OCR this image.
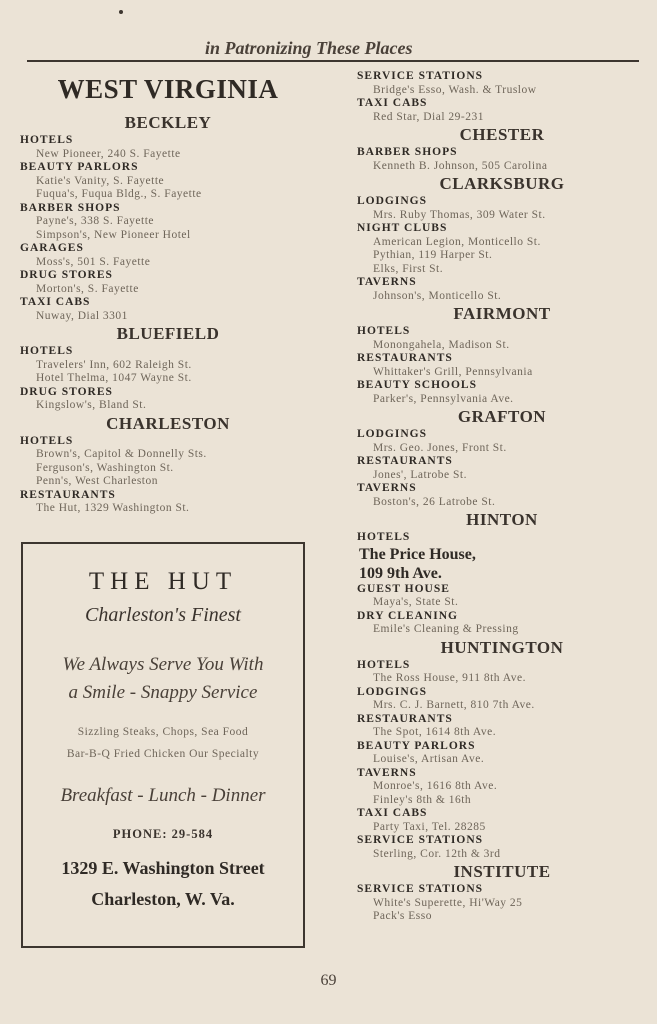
in Patronizing These Places
WEST VIRGINIA
BECKLEY
HOTELS
New Pioneer, 240 S. Fayette
BEAUTY PARLORS
Katie's Vanity, S. Fayette
Fuqua's, Fuqua Bldg., S. Fayette
BARBER SHOPS
Payne's, 338 S. Fayette
Simpson's, New Pioneer Hotel
GARAGES
Moss's, 501 S. Fayette
DRUG STORES
Morton's, S. Fayette
TAXI CABS
Nuway, Dial 3301
BLUEFIELD
HOTELS
Travelers' Inn, 602 Raleigh St.
Hotel Thelma, 1047 Wayne St.
DRUG STORES
Kingslow's, Bland St.
CHARLESTON
HOTELS
Brown's, Capitol & Donnelly Sts.
Ferguson's, Washington St.
Penn's, West Charleston
RESTAURANTS
The Hut, 1329 Washington St.
THE HUT
Charleston's Finest
We Always Serve You With
a Smile - Snappy Service
Sizzling Steaks, Chops, Sea Food
Bar-B-Q Fried Chicken Our Specialty
Breakfast - Lunch - Dinner
PHONE: 29-584
1329 E. Washington Street
Charleston, W. Va.
SERVICE STATIONS
Bridge's Esso, Wash. & Truslow
TAXI CABS
Red Star, Dial 29-231
CHESTER
BARBER SHOPS
Kenneth B. Johnson, 505 Carolina
CLARKSBURG
LODGINGS
Mrs. Ruby Thomas, 309 Water St.
NIGHT CLUBS
American Legion, Monticello St.
Pythian, 119 Harper St.
Elks, First St.
TAVERNS
Johnson's, Monticello St.
FAIRMONT
HOTELS
Monongahela, Madison St.
RESTAURANTS
Whittaker's Grill, Pennsylvania
BEAUTY SCHOOLS
Parker's, Pennsylvania Ave.
GRAFTON
LODGINGS
Mrs. Geo. Jones, Front St.
RESTAURANTS
Jones', Latrobe St.
TAVERNS
Boston's, 26 Latrobe St.
HINTON
HOTELS
The Price House,
109 9th Ave.
GUEST HOUSE
Maya's, State St.
DRY CLEANING
Emile's Cleaning & Pressing
HUNTINGTON
HOTELS
The Ross House, 911 8th Ave.
LODGINGS
Mrs. C. J. Barnett, 810 7th Ave.
RESTAURANTS
The Spot, 1614 8th Ave.
BEAUTY PARLORS
Louise's, Artisan Ave.
TAVERNS
Monroe's, 1616 8th Ave.
Finley's 8th & 16th
TAXI CABS
Party Taxi, Tel. 28285
SERVICE STATIONS
Sterling, Cor. 12th & 3rd
INSTITUTE
SERVICE STATIONS
White's Superette, Hi'Way 25
Pack's Esso
69
